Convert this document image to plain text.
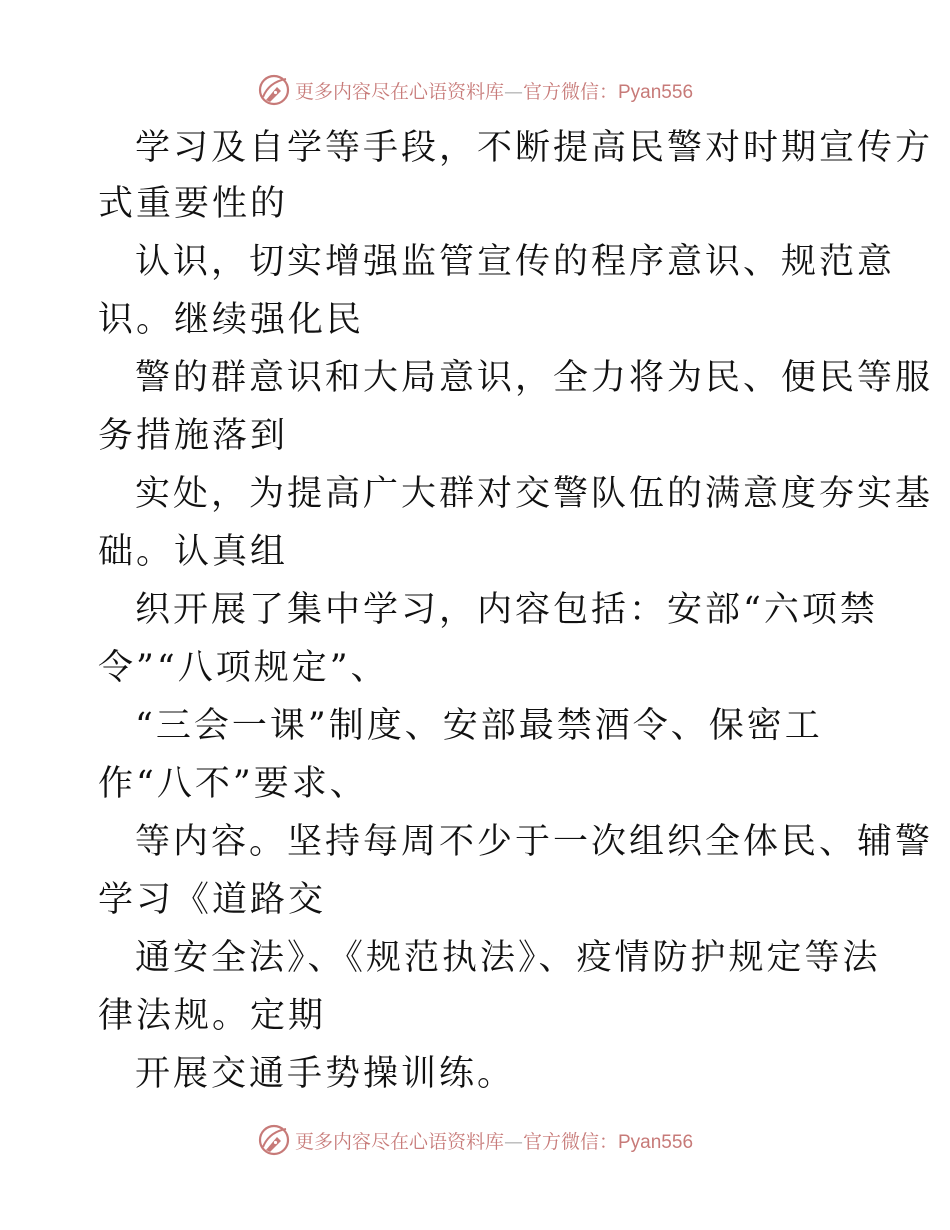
更多内容尽在心语资料库—官方微信：Pyan556
学习及自学等手段，不断提高民警对时期宣传方
式重要性的
认识，切实增强监管宣传的程序意识、规范意
识。继续强化民
警的群意识和大局意识，全力将为民、便民等服
务措施落到
实处，为提高广大群对交警队伍的满意度夯实基
础。认真组
织开展了集中学习，内容包括：安部“六项禁
令”“八项规定”、
“三会一课”制度、安部最禁酒令、保密工
作“八不”要求、
等内容。坚持每周不少于一次组织全体民、辅警
学习《道路交
通安全法》、《规范执法》、疫情防护规定等法
律法规。定期
开展交通手势操训练。
更多内容尽在心语资料库—官方微信：Pyan556
